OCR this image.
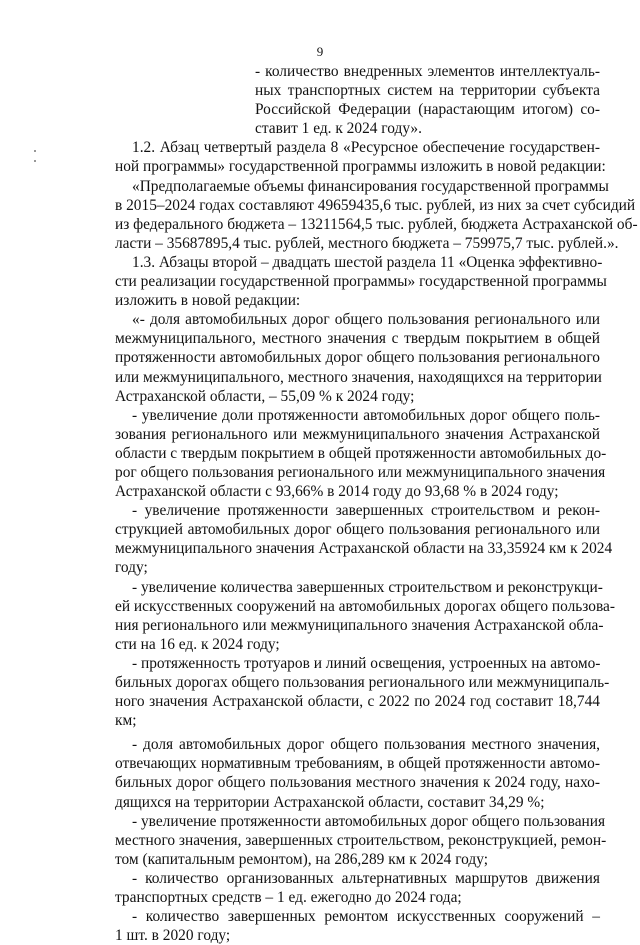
9
- количество внедренных элементов интеллектуаль-
ных транспортных систем на территории субъекта
Российской Федерации (нарастающим итогом) со-
ставит 1 ед. к 2024 году».
1.2. Абзац четвертый раздела 8 «Ресурсное обеспечение государствен-
ной программы» государственной программы изложить в новой редакции:
«Предполагаемые объемы финансирования государственной программы
в 2015–2024 годах составляют 49659435,6 тыс. рублей, из них за счет субсидий
из федерального бюджета – 13211564,5 тыс. рублей, бюджета Астраханской об-
ласти – 35687895,4 тыс. рублей, местного бюджета – 759975,7 тыс. рублей.».
1.3. Абзацы второй – двадцать шестой раздела 11 «Оценка эффективно-
сти реализации государственной программы» государственной программы
изложить в новой редакции:
«- доля автомобильных дорог общего пользования регионального или
межмуниципального, местного значения с твердым покрытием в общей
протяженности автомобильных дорог общего пользования регионального
или межмуниципального, местного значения, находящихся на территории
Астраханской области, – 55,09 % к 2024 году;
- увеличение доли протяженности автомобильных дорог общего поль-
зования регионального или межмуниципального значения Астраханской
области с твердым покрытием в общей протяженности автомобильных до-
рог общего пользования регионального или межмуниципального значения
Астраханской области с 93,66% в 2014 году до 93,68 % в 2024 году;
- увеличение протяженности завершенных строительством и рекон-
струкцией автомобильных дорог общего пользования регионального или
межмуниципального значения Астраханской области на 33,35924 км к 2024
году;
- увеличение количества завершенных строительством и реконструкци-
ей искусственных сооружений на автомобильных дорогах общего пользова-
ния регионального или межмуниципального значения Астраханской обла-
сти на 16 ед. к 2024 году;
- протяженность тротуаров и линий освещения, устроенных на автомо-
бильных дорогах общего пользования регионального или межмуниципаль-
ного значения Астраханской области, с 2022 по 2024 год составит 18,744
км;
- доля автомобильных дорог общего пользования местного значения,
отвечающих нормативным требованиям, в общей протяженности автомо-
бильных дорог общего пользования местного значения к 2024 году, нахо-
дящихся на территории Астраханской области, составит 34,29 %;
- увеличение протяженности автомобильных дорог общего пользования
местного значения, завершенных строительством, реконструкцией, ремон-
том (капитальным ремонтом), на 286,289 км к 2024 году;
- количество организованных альтернативных маршрутов движения
транспортных средств – 1 ед. ежегодно до 2024 года;
- количество завершенных ремонтом искусственных сооружений –
1 шт. в 2020 году;
